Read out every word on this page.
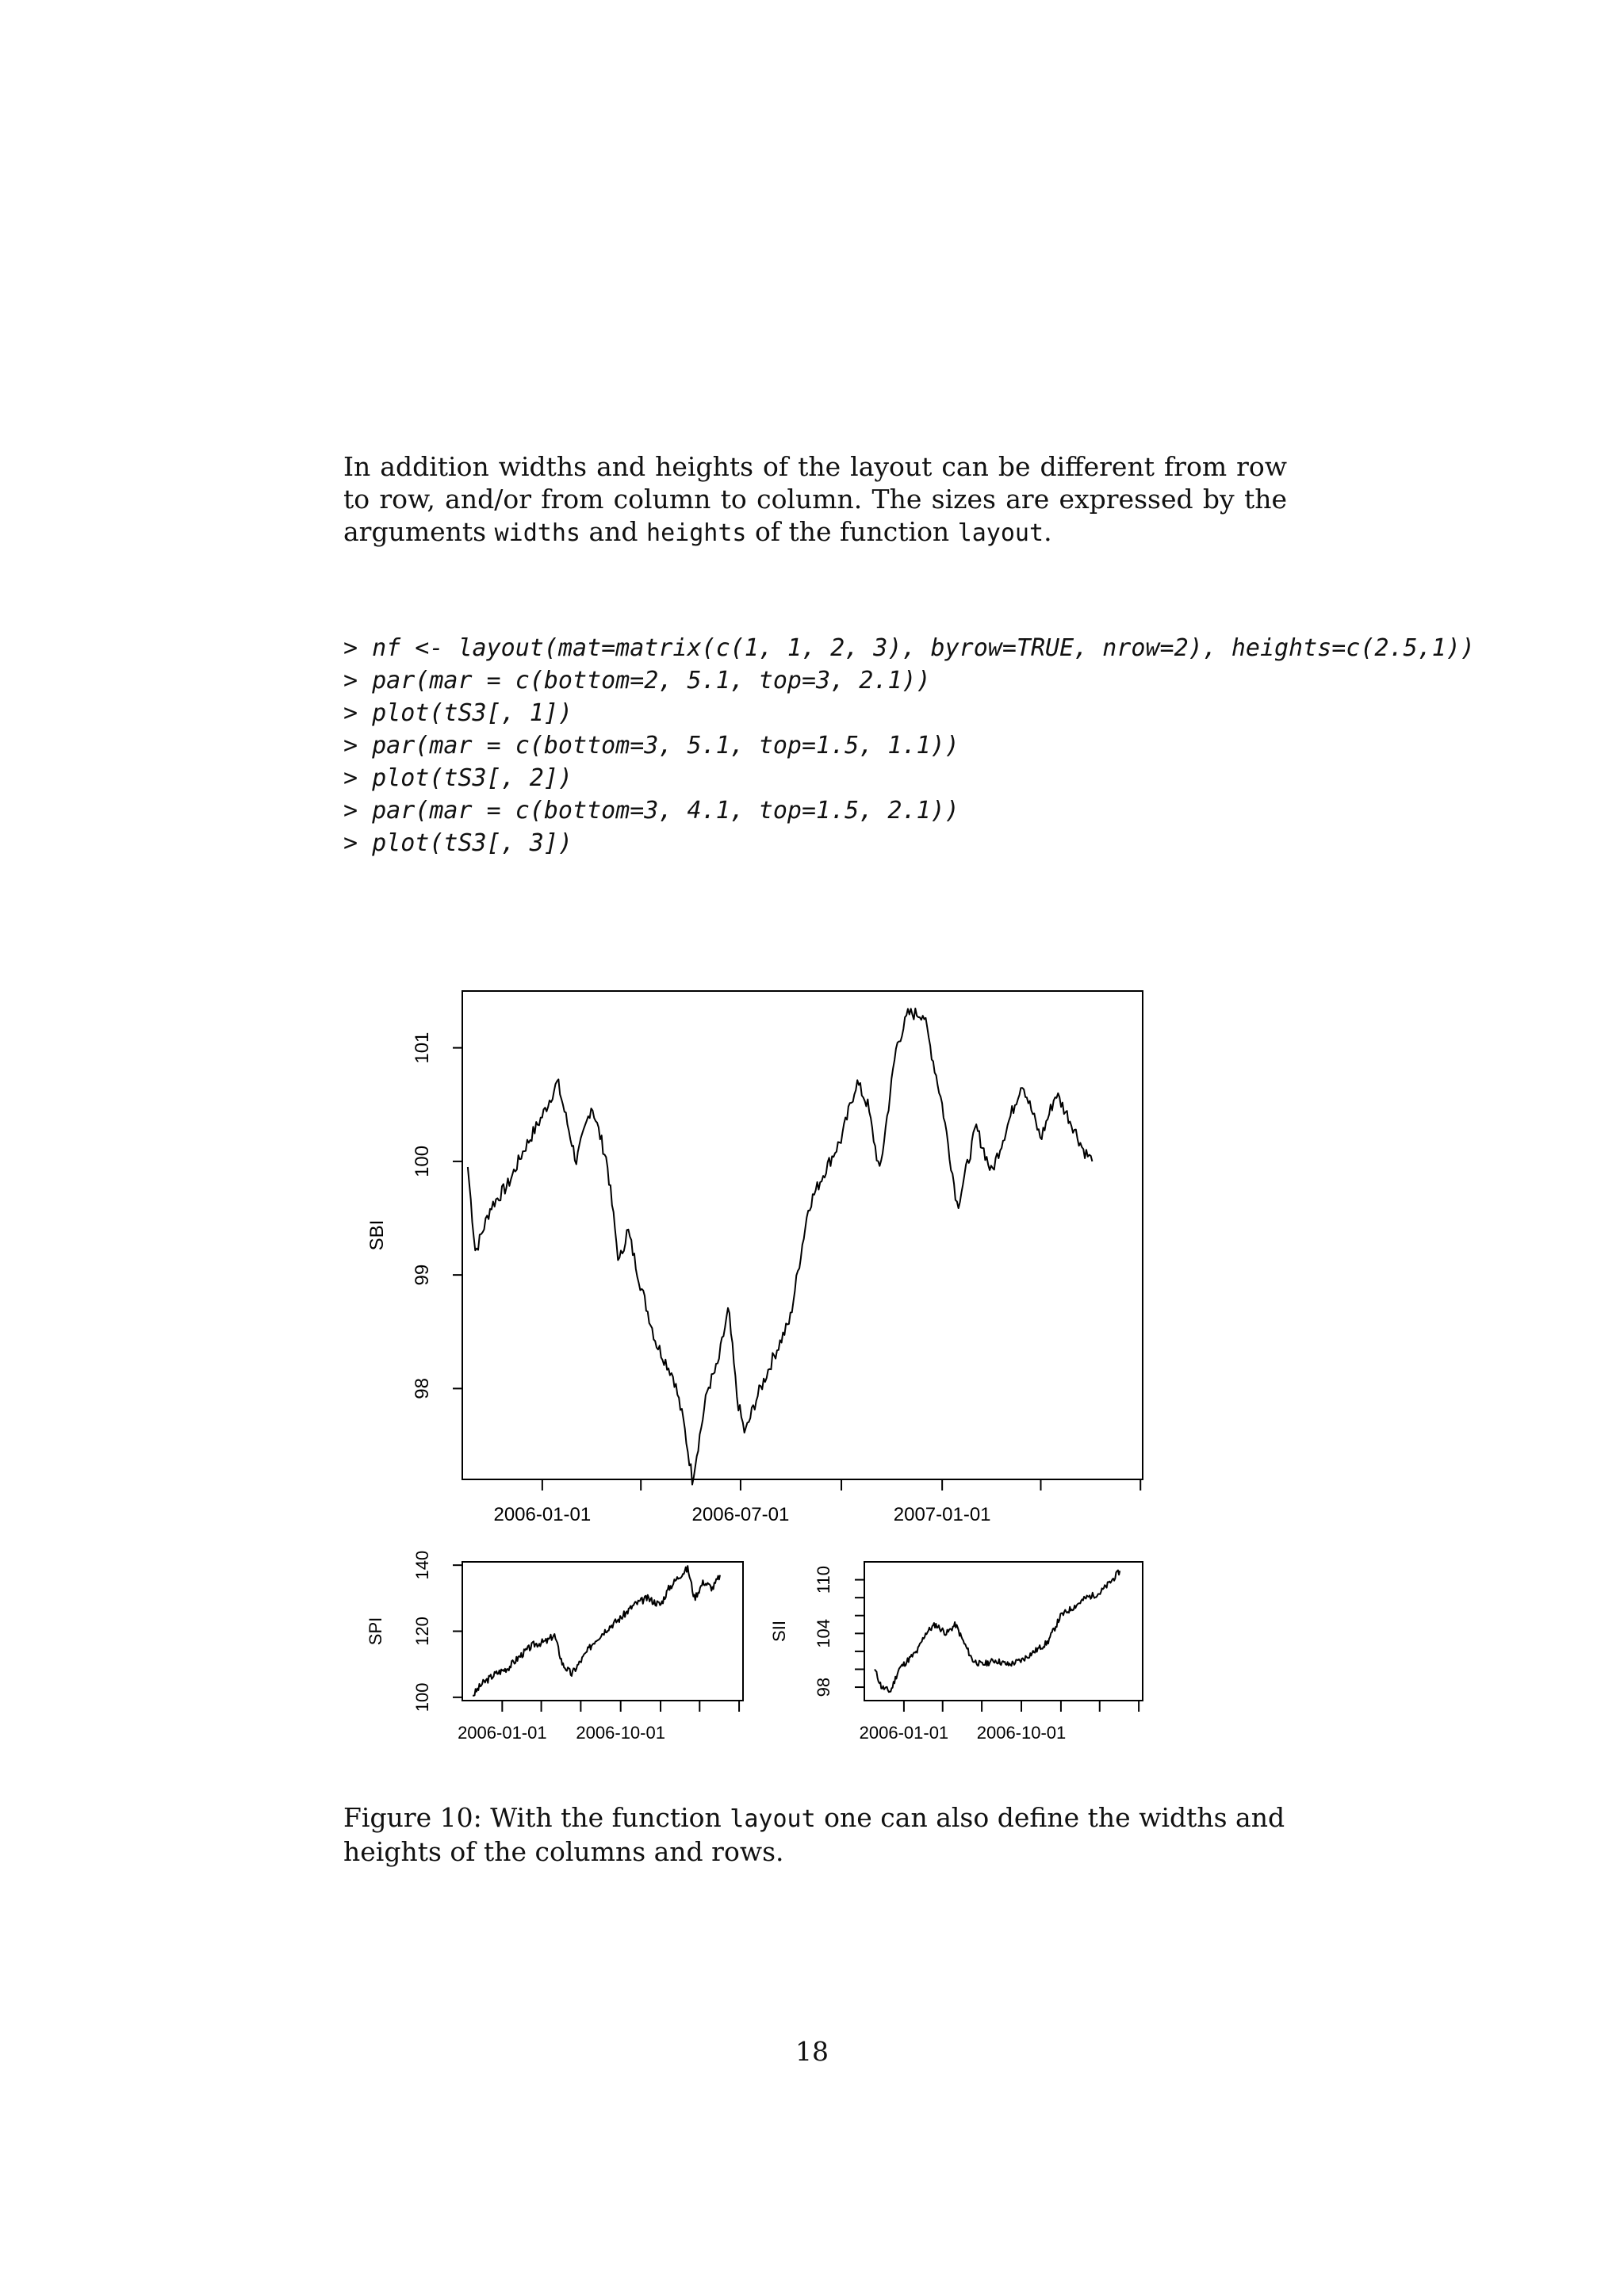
In addition widths and heights of the layout can be different from row to row, and/or from column to column. The sizes are expressed by the arguments widths and heights of the function layout.

> nf <- layout(mat=matrix(c(1, 1, 2, 3), byrow=TRUE, nrow=2), heights=c(2.5,1))
> par(mar = c(bottom=2, 5.1, top=3, 2.1))
> plot(tS3[, 1])
> par(mar = c(bottom=3, 5.1, top=1.5, 1.1))
> plot(tS3[, 2])
> par(mar = c(bottom=3, 4.1, top=1.5, 2.1))
> plot(tS3[, 3])
98
99
100
101
SBI
2006-01-01	2006-07-01	2007-01-01
100
120
140
SPI
2006-01-01 2006-10-01
98
104
110
SII
2006-01-01 2006-10-01

Figure 10: With the function layout one can also define the widths and heights of the columns and rows.

18
